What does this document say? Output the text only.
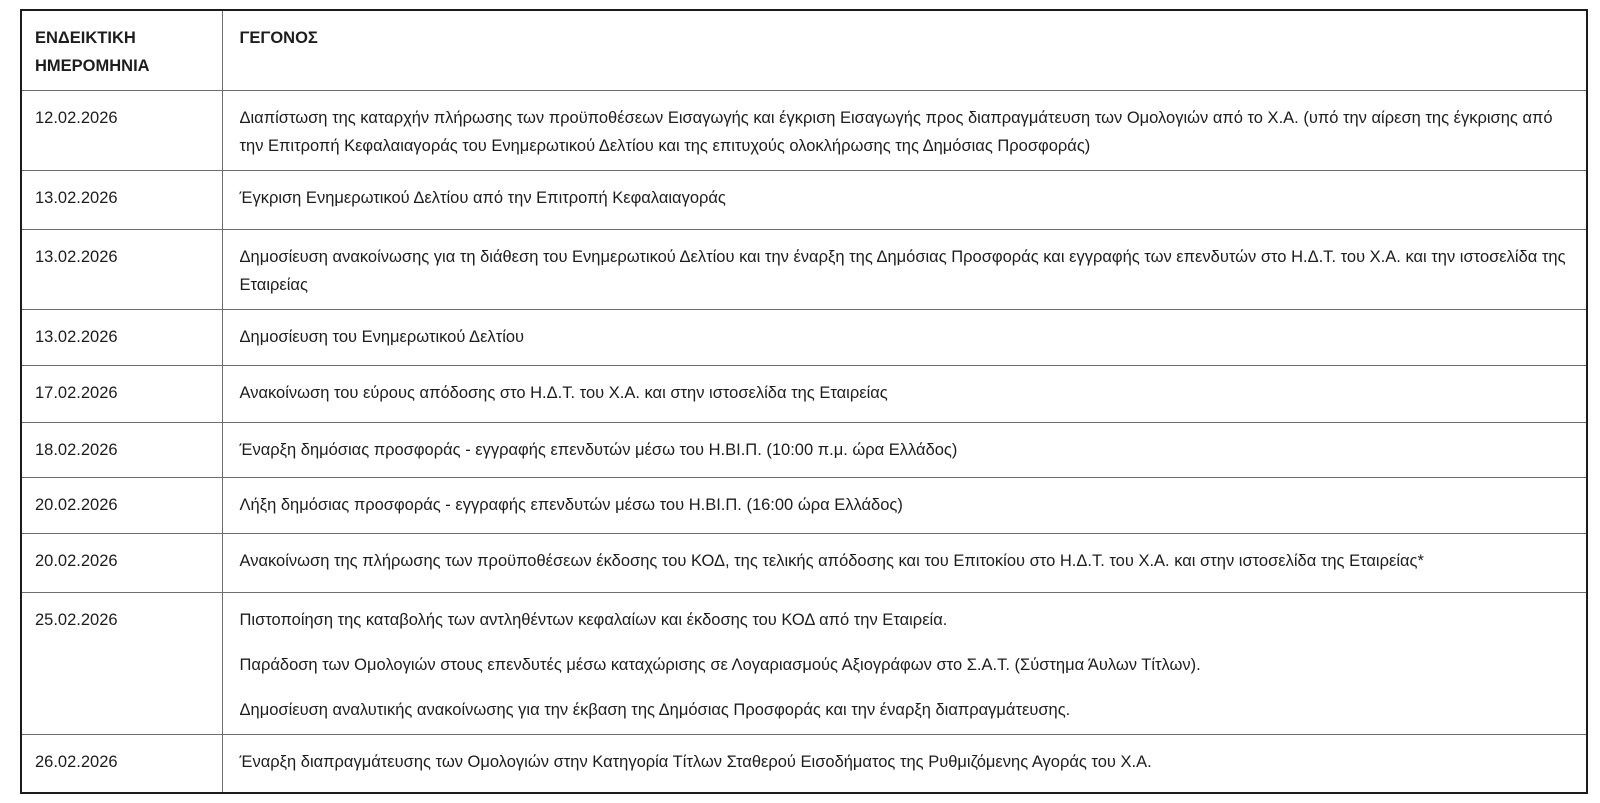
ΕΝΔΕΙΚΤΙΚΗ ΗΜΕΡΟΜΗΝΙΑ	ΓΕΓΟΝΟΣ
12.02.2026	Διαπίστωση της καταρχήν πλήρωσης των προϋποθέσεων Εισαγωγής και έγκριση Εισαγωγής προς διαπραγμάτευση των Ομολογιών από το Χ.Α. (υπό την αίρεση της έγκρισης από την Επιτροπή Κεφαλαιαγοράς του Ενημερωτικού Δελτίου και της επιτυχούς ολοκλήρωσης της Δημόσιας Προσφοράς)

13.02.2026	Έγκριση Ενημερωτικού Δελτίου από την Επιτροπή Κεφαλαιαγοράς

13.02.2026	Δημοσίευση ανακοίνωσης για τη διάθεση του Ενημερωτικού Δελτίου και την έναρξη της Δημόσιας Προσφοράς και εγγραφής των επενδυτών στο Η.Δ.Τ. του Χ.Α. και την ιστοσελίδα της Εταιρείας

13.02.2026	Δημοσίευση του Ενημερωτικού Δελτίου

17.02.2026	Ανακοίνωση του εύρους απόδοσης στο Η.Δ.Τ. του Χ.Α. και στην ιστοσελίδα της Εταιρείας

18.02.2026	Έναρξη δημόσιας προσφοράς - εγγραφής επενδυτών μέσω του Η.ΒΙ.Π. (10:00 π.μ. ώρα Ελλάδος)

20.02.2026	Λήξη δημόσιας προσφοράς - εγγραφής επενδυτών μέσω του Η.ΒΙ.Π. (16:00 ώρα Ελλάδος)

20.02.2026	Ανακοίνωση της πλήρωσης των προϋποθέσεων έκδοσης του ΚΟΔ, της τελικής απόδοσης και του Επιτοκίου στο Η.Δ.Τ. του Χ.Α. και στην ιστοσελίδα της Εταιρείας*

25.02.2026	Πιστοποίηση της καταβολής των αντληθέντων κεφαλαίων και έκδοσης του ΚΟΔ από την Εταιρεία.

Παράδοση των Ομολογιών στους επενδυτές μέσω καταχώρισης σε Λογαριασμούς Αξιογράφων στο Σ.Α.Τ. (Σύστημα Άυλων Τίτλων).

Δημοσίευση αναλυτικής ανακοίνωσης για την έκβαση της Δημόσιας Προσφοράς και την έναρξη διαπραγμάτευσης.

26.02.2026	Έναρξη διαπραγμάτευσης των Ομολογιών στην Κατηγορία Τίτλων Σταθερού Εισοδήματος της Ρυθμιζόμενης Αγοράς του Χ.Α.
